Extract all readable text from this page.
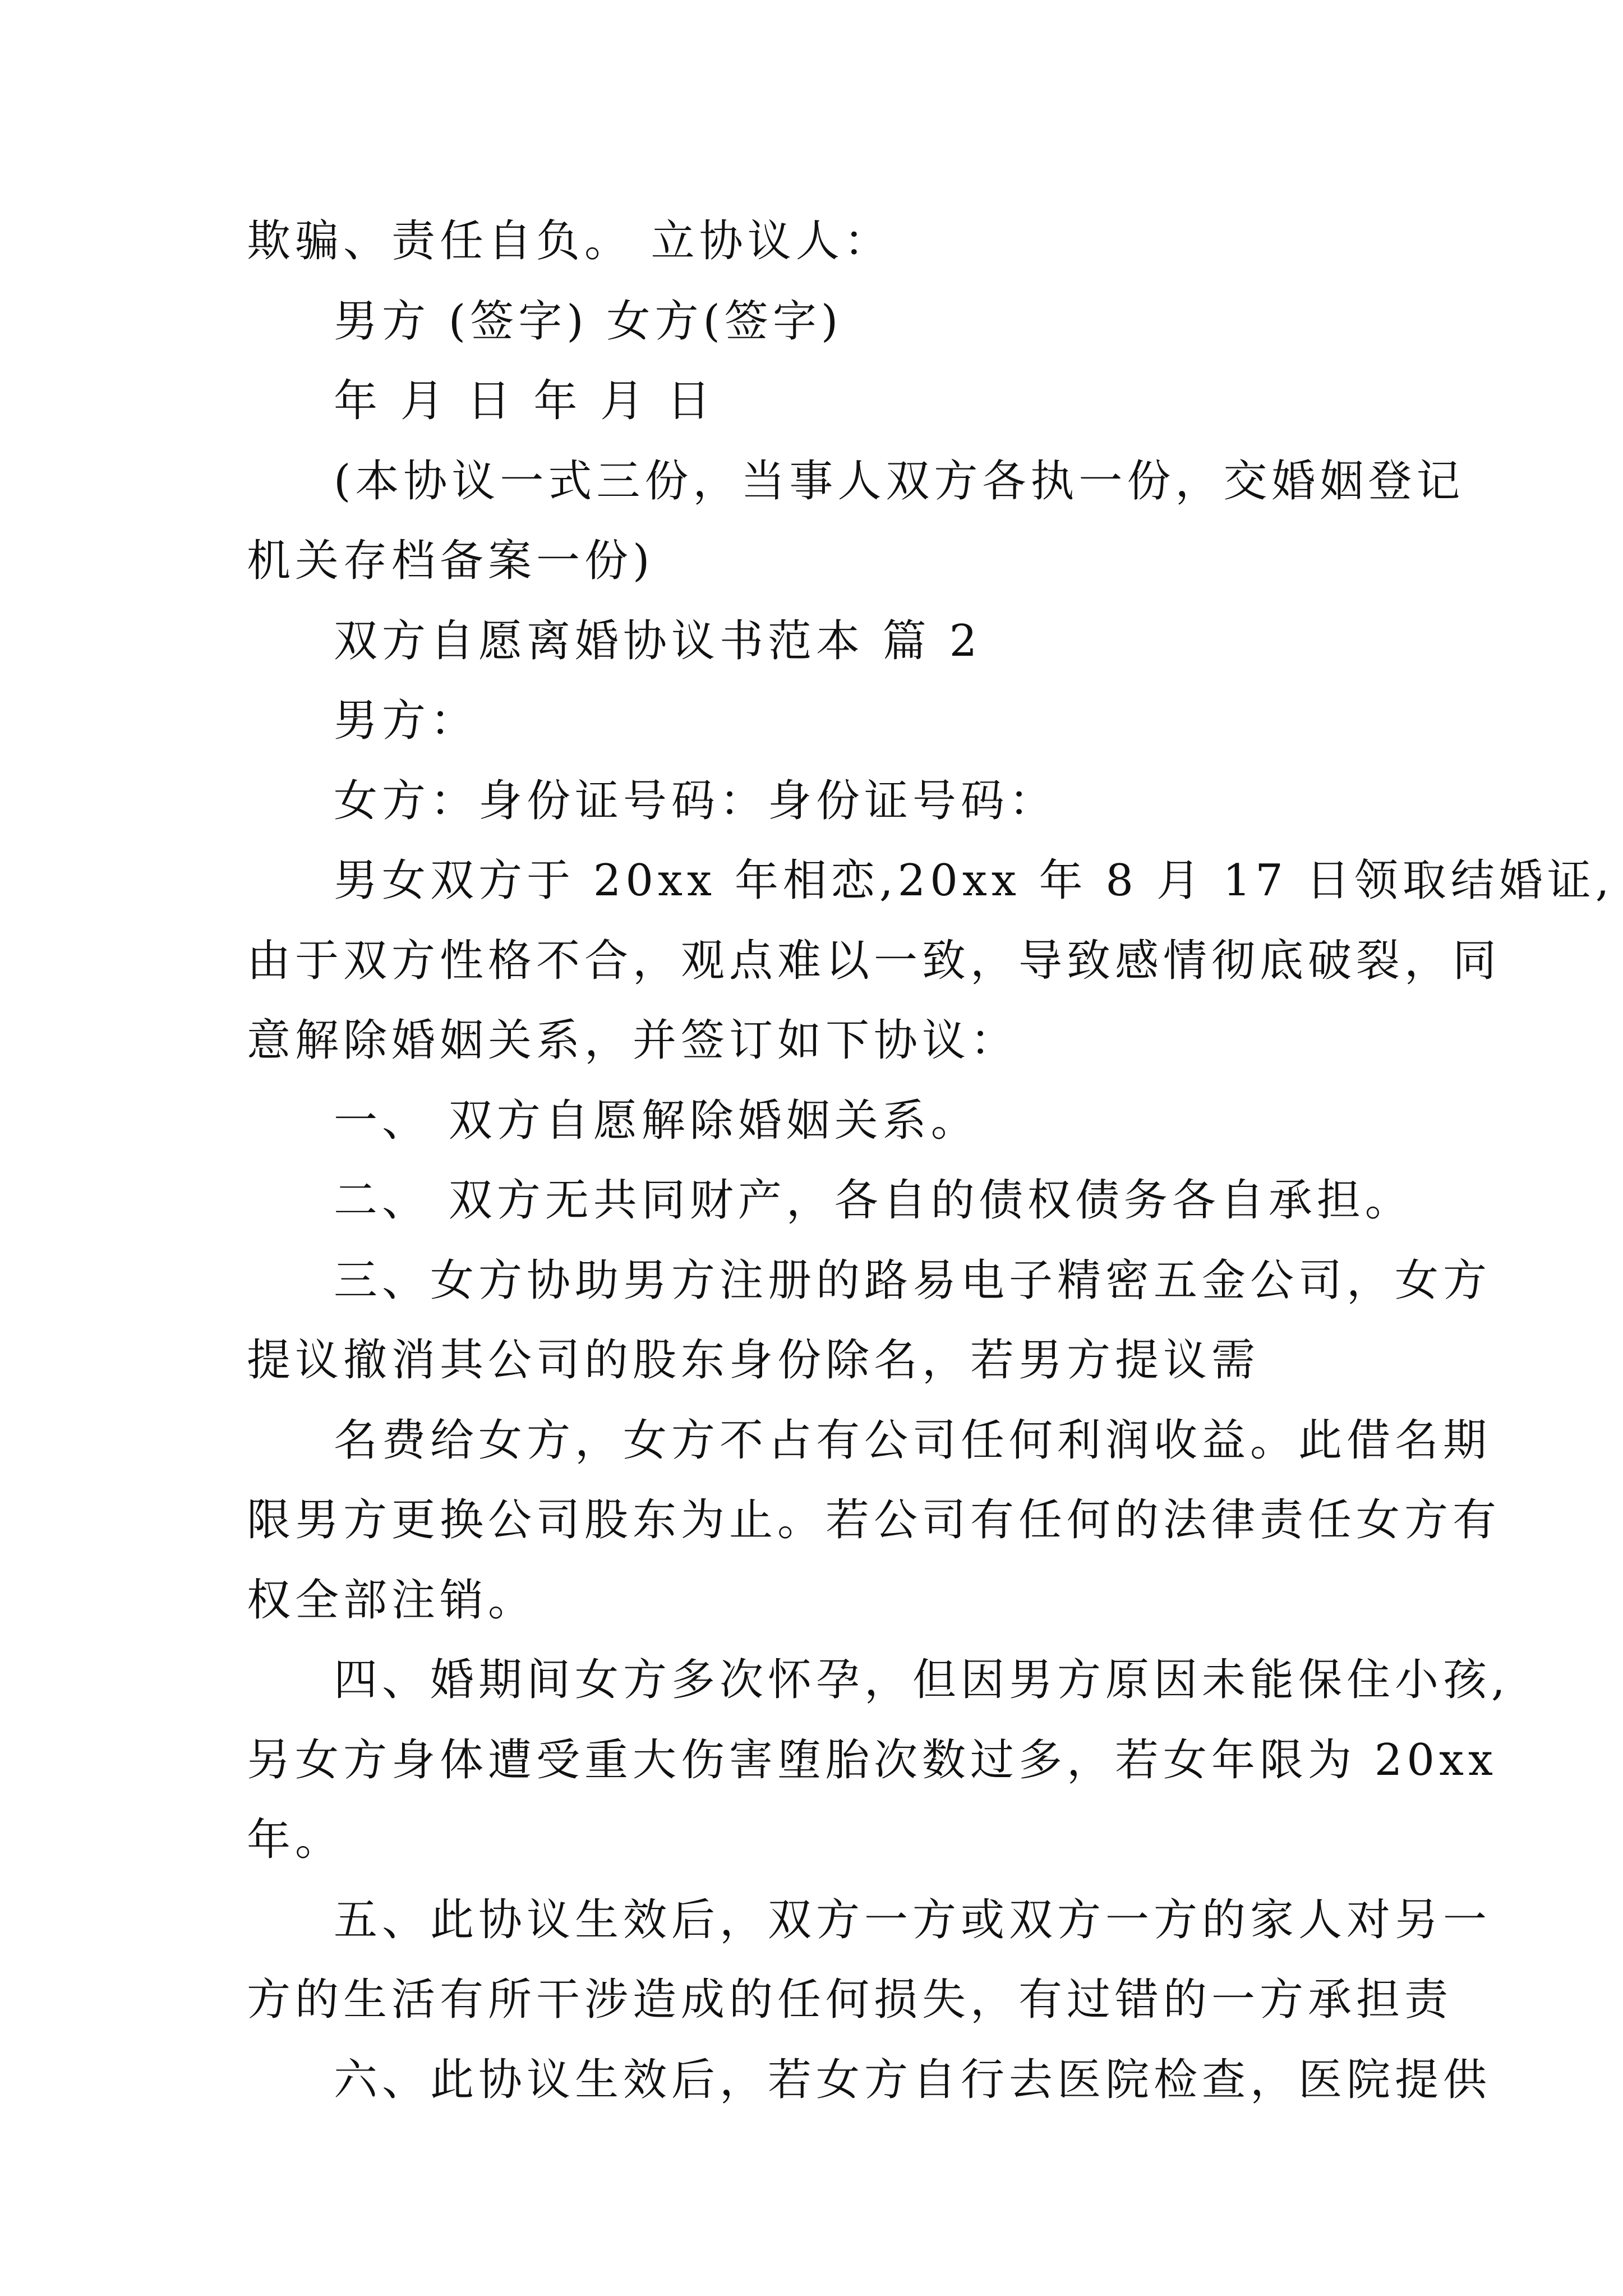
欺骗、责任自负。 立协议人：
男方 (签字) 女方(签字)
年 月 日 年 月 日
(本协议一式三份，当事人双方各执一份，交婚姻登记
机关存档备案一份)
双方自愿离婚协议书范本 篇 2
男方：
女方：身份证号码：身份证号码：
男女双方于 20xx 年相恋,20xx 年 8 月 17 日领取结婚证,
由于双方性格不合，观点难以一致，导致感情彻底破裂，同
意解除婚姻关系，并签订如下协议：
一、 双方自愿解除婚姻关系。
二、 双方无共同财产，各自的债权债务各自承担。
三、女方协助男方注册的路易电子精密五金公司，女方
提议撤消其公司的股东身份除名，若男方提议需
名费给女方，女方不占有公司任何利润收益。此借名期
限男方更换公司股东为止。若公司有任何的法律责任女方有
权全部注销。
四、婚期间女方多次怀孕，但因男方原因未能保住小孩,
另女方身体遭受重大伤害堕胎次数过多，若女年限为 20xx
年。
五、此协议生效后，双方一方或双方一方的家人对另一
方的生活有所干涉造成的任何损失，有过错的一方承担责
六、此协议生效后，若女方自行去医院检查，医院提供
